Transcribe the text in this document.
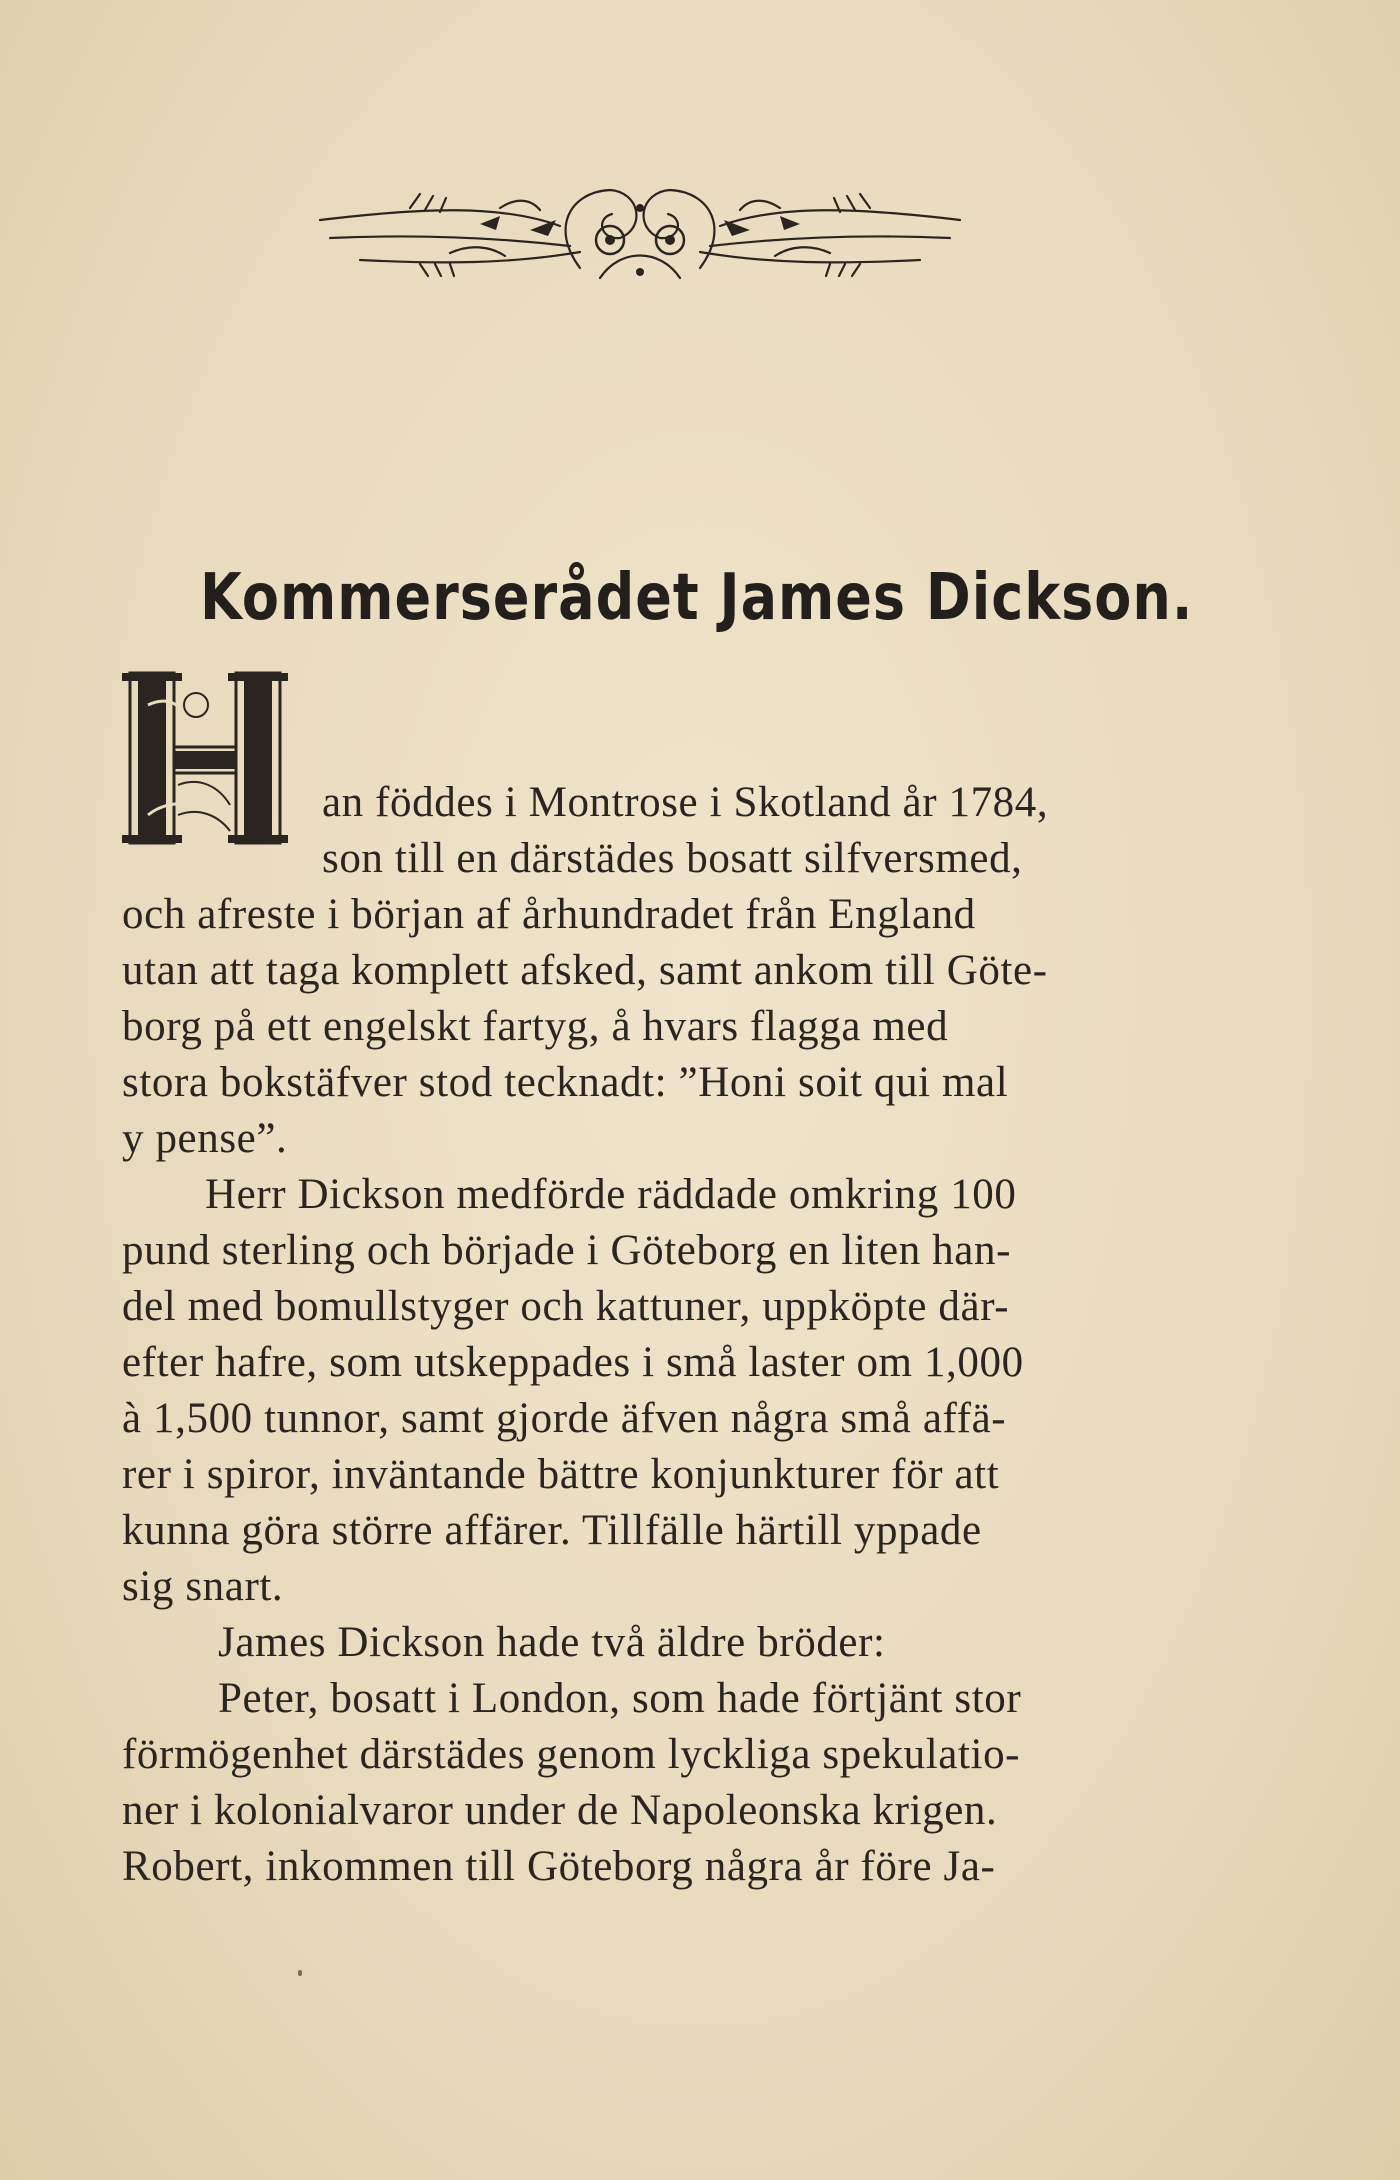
Kommerserådet James Dickson.
an föddes i Montrose i Skotland år 1784,
son till en därstädes bosatt silfversmed,
och afreste i början af århundradet från England
utan att taga komplett afsked, samt ankom till Göte-
borg på ett engelskt fartyg, å hvars flagga med
stora bokstäfver stod tecknadt: ”Honi soit qui mal
y pense”.
Herr Dickson medförde räddade omkring 100
pund sterling och började i Göteborg en liten han-
del med bomullstyger och kattuner, uppköpte där-
efter hafre, som utskeppades i små laster om 1,000
à 1,500 tunnor, samt gjorde äfven några små affä-
rer i spiror, inväntande bättre konjunkturer för att
kunna göra större affärer. Tillfälle härtill yppade
sig snart.
James Dickson hade två äldre bröder:
Peter, bosatt i London, som hade förtjänt stor
förmögenhet därstädes genom lyckliga spekulatio-
ner i kolonialvaror under de Napoleonska krigen.
Robert, inkommen till Göteborg några år före Ja-
